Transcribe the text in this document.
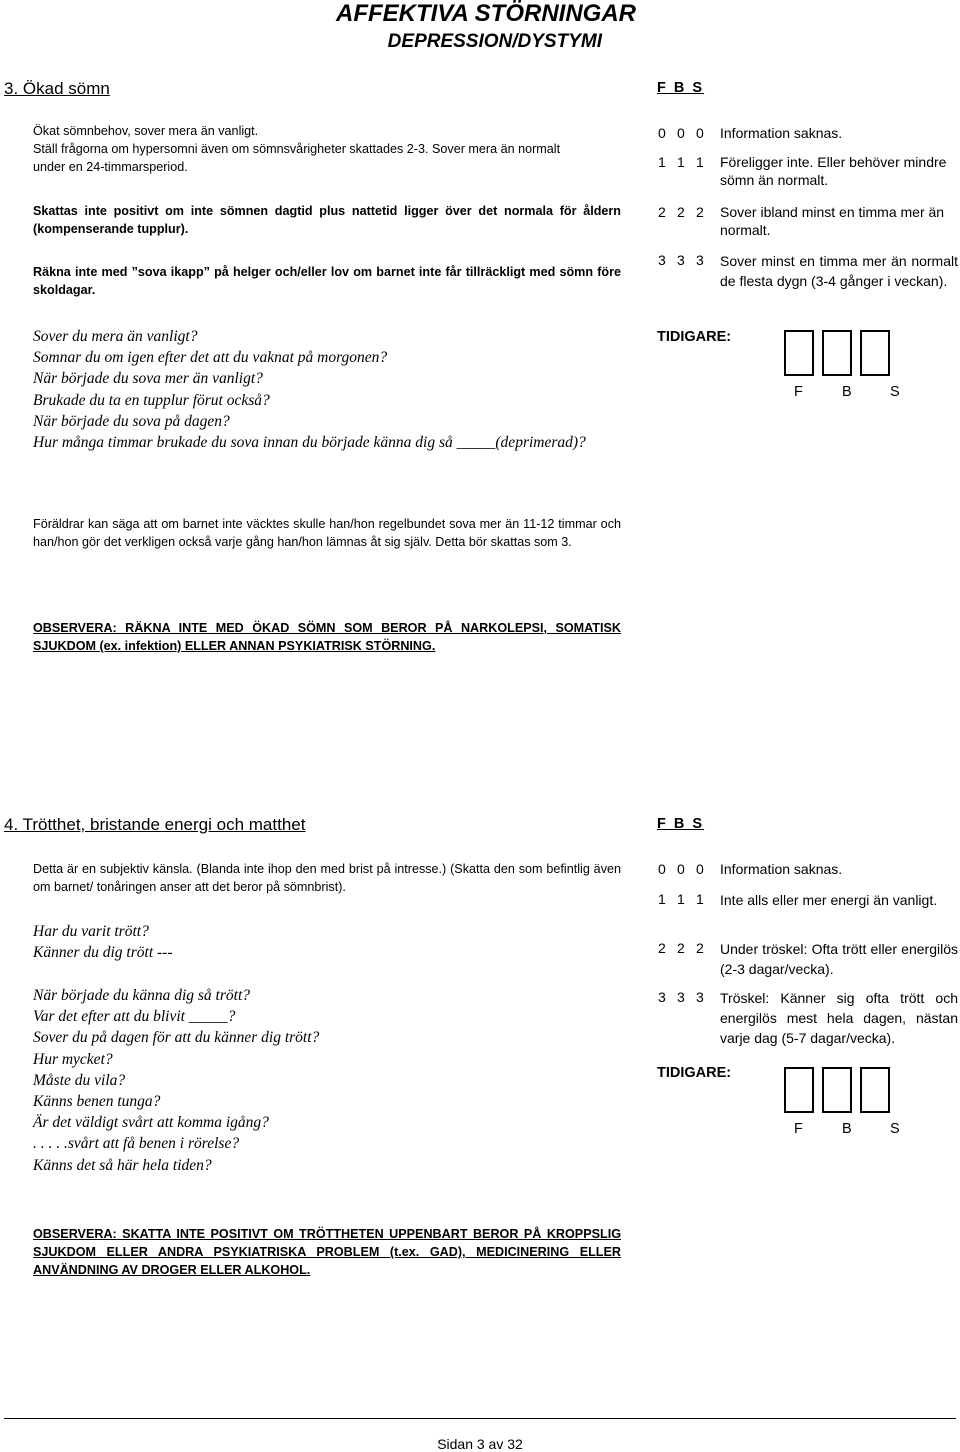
AFFEKTIVA STÖRNINGAR
DEPRESSION/DYSTYMI
3. Ökad sömn	F B S
Ökat sömnbehov, sover mera än vanligt.
Ställ frågorna om hypersomni även om sömnsvårigheter skattades 2-3. Sover mera än normalt
under en 24-timmarsperiod.
Skattas inte positivt om inte sömnen dagtid plus nattetid ligger över det normala för åldern (kompenserande tupplur).
Räkna inte med ”sova ikapp” på helger och/eller lov om barnet inte får tillräckligt med sömn före skoldagar.
Sover du mera än vanligt?
Somnar du om igen efter det att du vaknat på morgonen?
När började du sova mer än vanligt?
Brukade du ta en tupplur förut också?
När började du sova på dagen?
Hur många timmar brukade du sova innan du började känna dig så _____(deprimerad)?
0 0 0	Information saknas.
1 1 1	Föreligger inte. Eller behöver mindre sömn än normalt.
2 2 2	Sover ibland minst en timma mer än normalt.
3 3 3	Sover minst en timma mer än normalt de flesta dygn (3-4 gånger i veckan).
TIDIGARE:
F	B	S
Föräldrar kan säga att om barnet inte väcktes skulle han/hon regelbundet sova mer än 11-12 timmar och han/hon gör det verkligen också varje gång han/hon lämnas åt sig själv. Detta bör skattas som 3.
OBSERVERA: RÄKNA INTE MED ÖKAD SÖMN SOM BEROR PÅ NARKOLEPSI, SOMATISK SJUKDOM (ex. infektion) ELLER ANNAN PSYKIATRISK STÖRNING.
4. Trötthet, bristande energi och matthet	F B S
Detta är en subjektiv känsla. (Blanda inte ihop den med brist på intresse.) (Skatta den som befintlig även om barnet/ tonåringen anser att det beror på sömnbrist).
Har du varit trött?
Känner du dig trött ---
När började du känna dig så trött?
Var det efter att du blivit _____?
Sover du på dagen för att du känner dig trött?
Hur mycket?
Måste du vila?
Känns benen tunga?
Är det väldigt svårt att komma igång?
. . . . .svårt att få benen i rörelse?
Känns det så här hela tiden?
0 0 0	Information saknas.
1 1 1	Inte alls eller mer energi än vanligt.
2 2 2	Under tröskel: Ofta trött eller energilös (2-3 dagar/vecka).
3 3 3	Tröskel: Känner sig ofta trött och energilös mest hela dagen, nästan varje dag (5-7 dagar/vecka).
TIDIGARE:
F	B	S
OBSERVERA: SKATTA INTE POSITIVT OM TRÖTTHETEN UPPENBART BEROR PÅ KROPPSLIG SJUKDOM ELLER ANDRA PSYKIATRISKA PROBLEM (t.ex. GAD), MEDICINERING ELLER ANVÄNDNING AV DROGER ELLER ALKOHOL.
Sidan 3 av 32
